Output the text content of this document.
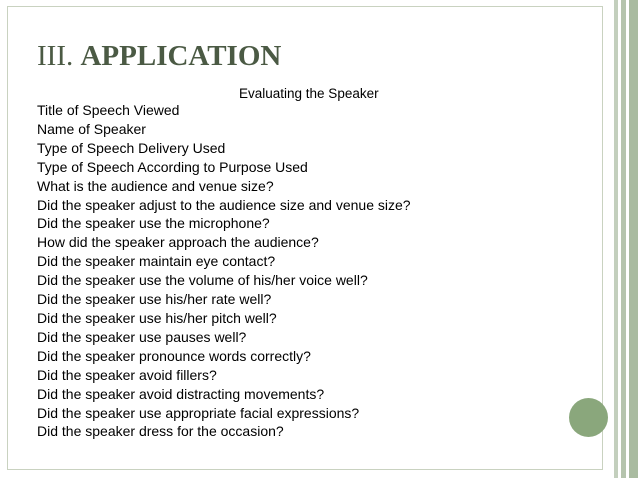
III. APPLICATION
Evaluating the Speaker
Title of Speech Viewed
Name of Speaker
Type of Speech Delivery Used
Type of Speech According to Purpose Used
What is the audience and venue size?
Did the speaker adjust to the audience size and venue size?
Did the speaker use the microphone?
How did the speaker approach the audience?
Did the speaker maintain eye contact?
Did the speaker use the volume of his/her voice well?
Did the speaker use his/her rate well?
Did the speaker use his/her pitch well?
Did the speaker use pauses well?
Did the speaker pronounce words correctly?
Did the speaker avoid fillers?
Did the speaker avoid distracting movements?
Did the speaker use appropriate facial expressions?
Did the speaker dress for the occasion?
